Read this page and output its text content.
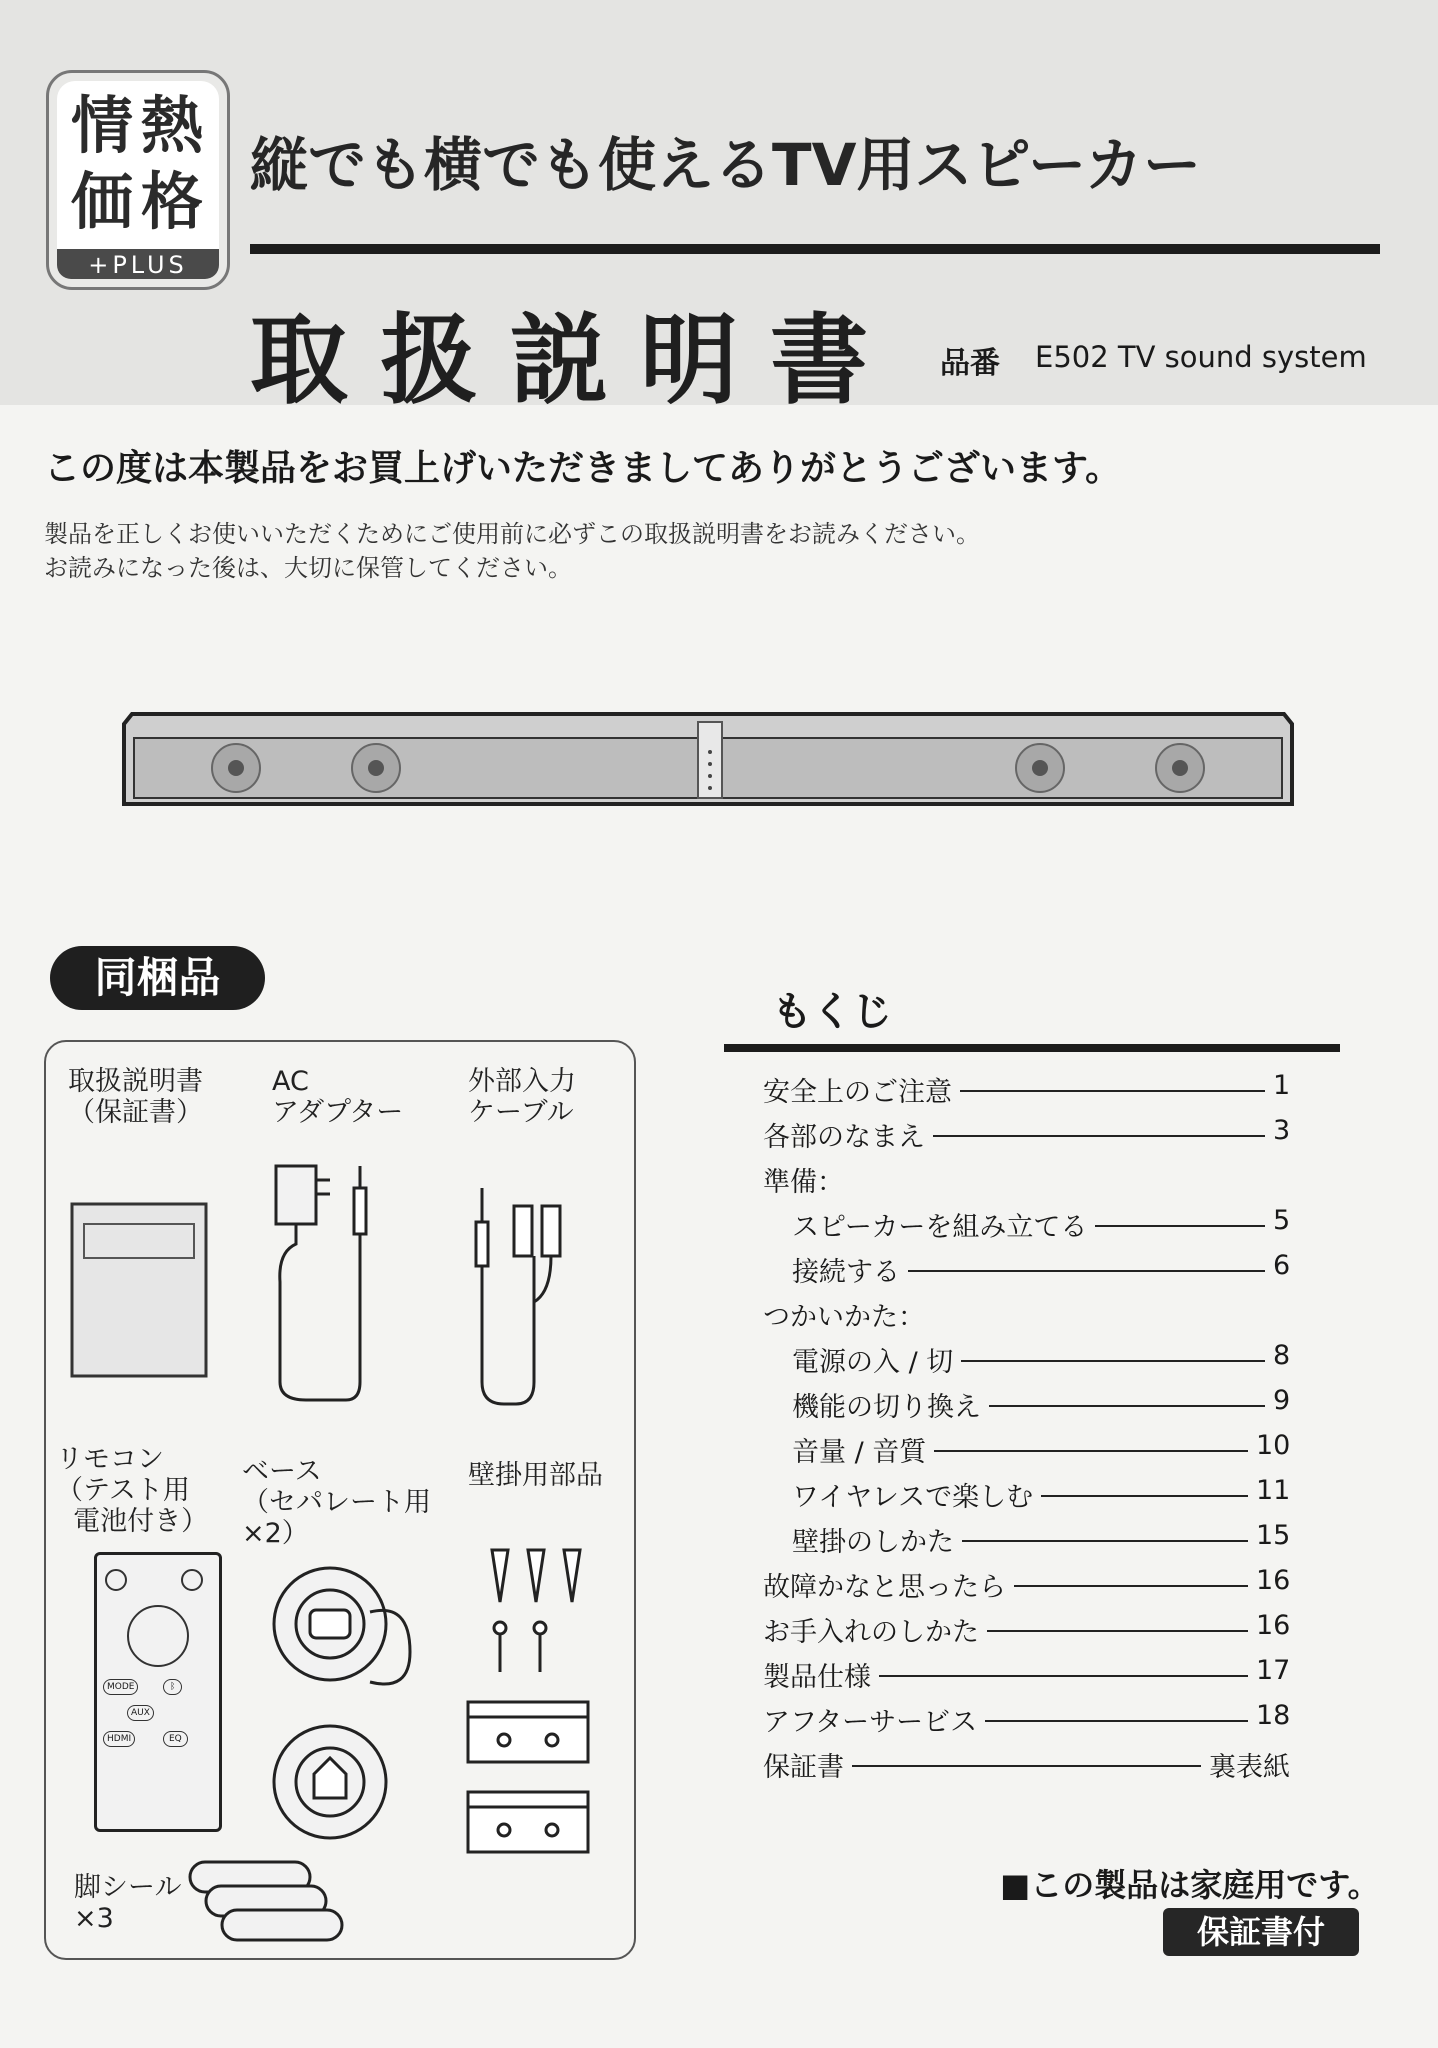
情 熱
価 格
+PLUS
縦でも横でも使えるTV用スピーカー
取扱説明書 品番 E502 TV sound system
この度は本製品をお買上げいただきましてありがとうございます。
製品を正しくお使いいただくためにご使用前に必ずこの取扱説明書をお読みください。
お読みになった後は、大切に保管してください。
同梱品
取扱説明書
（保証書）
AC
アダプター
外部入力
ケーブル
リモコン
（テスト用
電池付き）
ベース
（セパレート用
×2）
壁掛用部品
脚シール
×3
MODE	ᛒ
AUX
HDMI	EQ
もくじ
安全上のご注意	1
各部のなまえ	3
準備：
スピーカーを組み立てる	5
接続する	6
つかいかた：
電源の入 / 切	8
機能の切り換え	9
音量 / 音質	10
ワイヤレスで楽しむ	11
壁掛のしかた	15
故障かなと思ったら	16
お手入れのしかた	16
製品仕様	17
アフターサービス	18
保証書	裏表紙
■この製品は家庭用です。
保証書付
